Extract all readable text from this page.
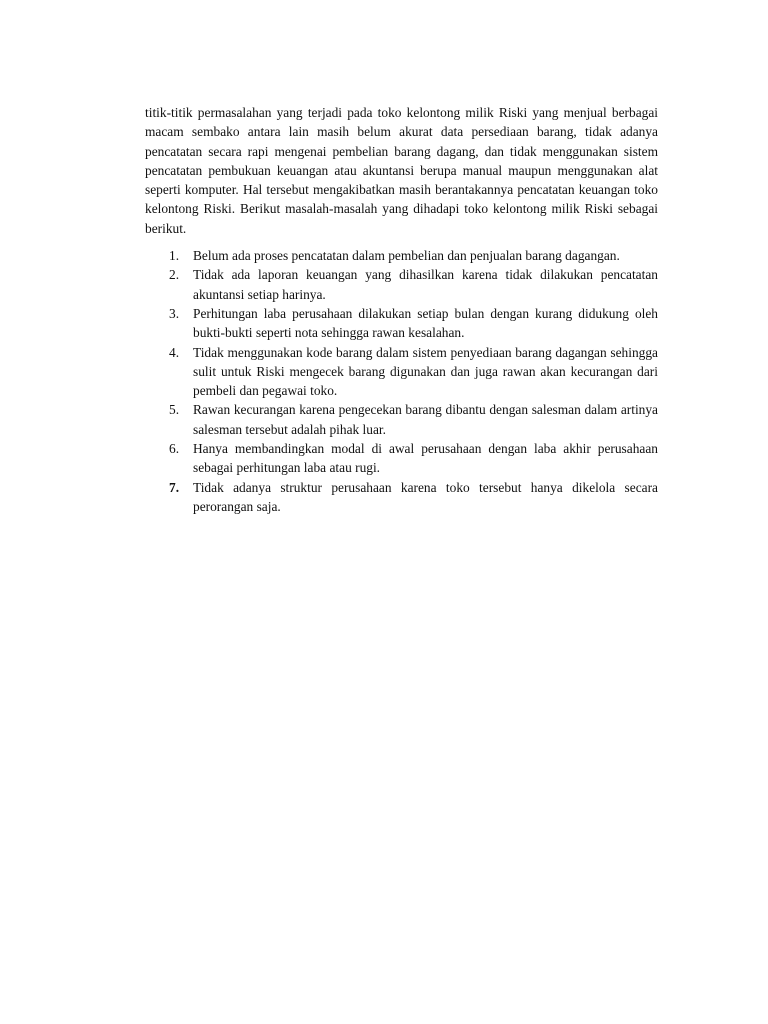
titik-titik permasalahan yang terjadi pada toko kelontong milik Riski yang menjual berbagai macam sembako antara lain masih belum akurat data persediaan barang, tidak adanya pencatatan secara rapi mengenai pembelian barang dagang, dan tidak menggunakan sistem pencatatan pembukuan keuangan atau akuntansi berupa manual maupun menggunakan alat seperti komputer. Hal tersebut mengakibatkan masih berantakannya pencatatan keuangan toko kelontong Riski. Berikut masalah-masalah yang dihadapi toko kelontong milik Riski sebagai berikut.

1. Belum ada proses pencatatan dalam pembelian dan penjualan barang dagangan.
2. Tidak ada laporan keuangan yang dihasilkan karena tidak dilakukan pencatatan akuntansi setiap harinya.
3. Perhitungan laba perusahaan dilakukan setiap bulan dengan kurang didukung oleh bukti-bukti seperti nota sehingga rawan kesalahan.
4. Tidak menggunakan kode barang dalam sistem penyediaan barang dagangan sehingga sulit untuk Riski mengecek barang digunakan dan juga rawan akan kecurangan dari pembeli dan pegawai toko.
5. Rawan kecurangan karena pengecekan barang dibantu dengan salesman dalam artinya salesman tersebut adalah pihak luar.
6. Hanya membandingkan modal di awal perusahaan dengan laba akhir perusahaan sebagai perhitungan laba atau rugi.
7. Tidak adanya struktur perusahaan karena toko tersebut hanya dikelola secara perorangan saja.
